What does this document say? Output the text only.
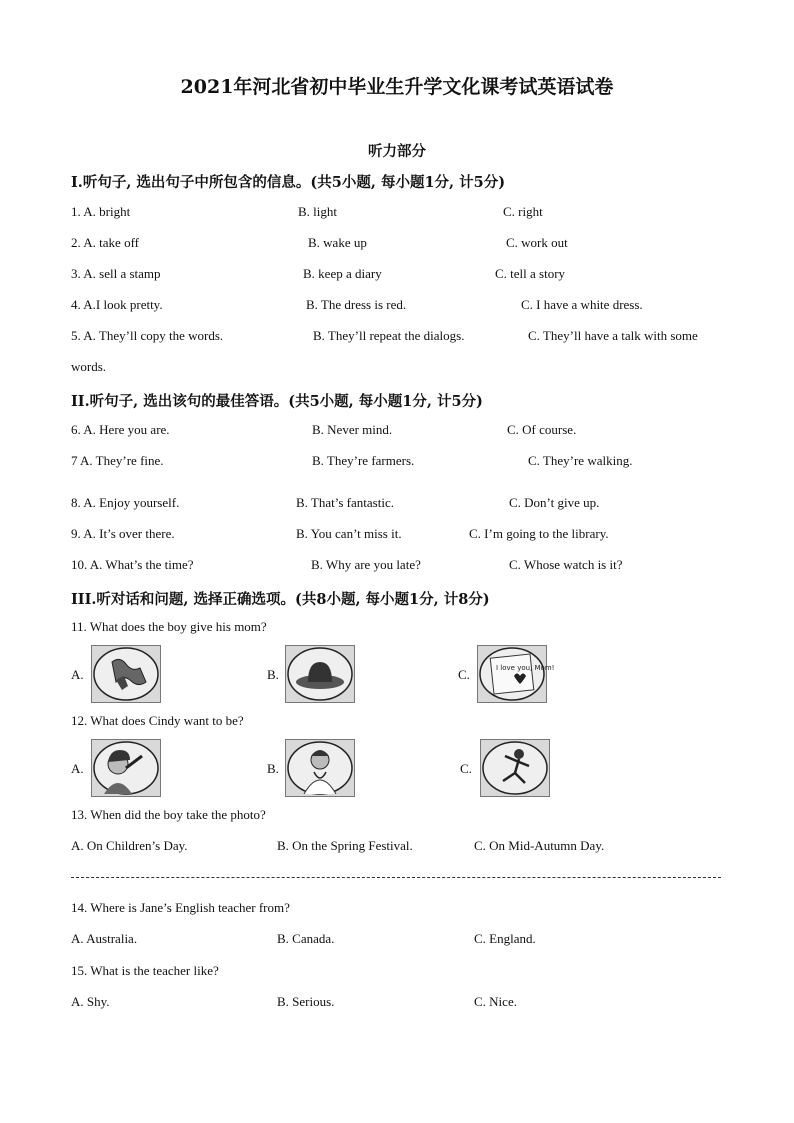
2021年河北省初中毕业生升学文化课考试英语试卷
听力部分
I.听句子, 选出句子中所包含的信息。(共5小题, 每小题1分, 计5分)
1. A. bright	B. light	C. right
2. A. take off	B. wake up	C. work out
3. A. sell a stamp	B. keep a diary	C. tell a story
4. A.I look pretty.	B. The dress is red.	C. I have a white dress.
5. A. They’ll copy the words.	B. They’ll repeat the dialogs.	C. They’ll have a talk with some
words.
II.听句子, 选出该句的最佳答语。(共5小题, 每小题1分, 计5分)
6. A. Here you are.	B. Never mind.	C. Of course.
7 A. They’re fine.	B. They’re farmers.	C. They’re walking.
8. A. Enjoy yourself.	B. That’s fantastic.	C. Don’t give up.
9. A. It’s over there.	B. You can’t miss it.	C. I’m going to the library.
10. A. What’s the time?	B. Why are you late?	C. Whose watch is it?
III.听对话和问题, 选择正确选项。(共8小题, 每小题1分, 计8分)
11. What does the boy give his mom?
A.	B.	C.	I love you, Mom!
12. What does Cindy want to be?
A.	B.	C.
13. When did the boy take the photo?
A. On Children’s Day.	B. On the Spring Festival.	C. On Mid-Autumn Day.
14. Where is Jane’s English teacher from?
A. Australia.	B. Canada.	C. England.
15. What is the teacher like?
A. Shy.	B. Serious.	C. Nice.
